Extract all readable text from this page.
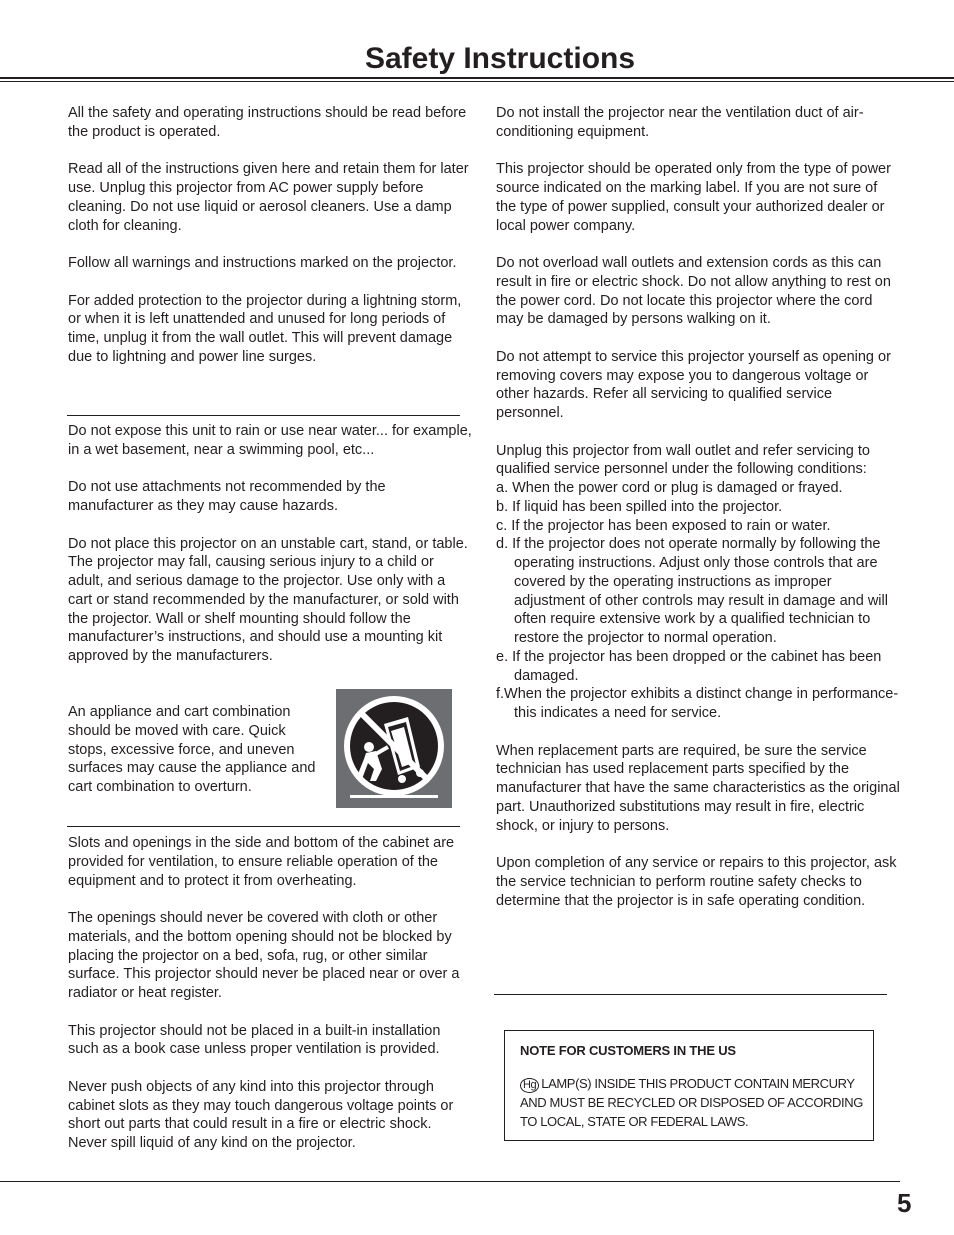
Safety Instructions

All the safety and operating instructions should be read before the product is operated.

Read all of the instructions given here and retain them for later use. Unplug this projector from AC power supply before cleaning. Do not use liquid or aerosol cleaners. Use a damp cloth for cleaning.

Follow all warnings and instructions marked on the projector.

For added protection to the projector during a lightning storm, or when it is left unattended and unused for long periods of time, unplug it from the wall outlet. This will prevent damage due to lightning and power line surges.

Do not expose this unit to rain or use near water... for example, in a wet basement, near a swimming pool, etc...

Do not use attachments not recommended by the manufacturer as they may cause hazards.

Do not place this projector on an unstable cart, stand, or table. The projector may fall, causing serious injury to a child or adult, and serious damage to the projector. Use only with a cart or stand recommended by the manufacturer, or sold with the projector. Wall or shelf mounting should follow the manufacturer’s instructions, and should use a mounting kit approved by the manufacturers.

An appliance and cart combination should be moved with care. Quick stops, excessive force, and uneven surfaces may cause the appliance and cart combination to overturn.

Slots and openings in the side and bottom of the cabinet are provided for ventilation, to ensure reliable operation of the equipment and to protect it from overheating.

The openings should never be covered with cloth or other materials, and the bottom opening should not be blocked by placing the projector on a bed, sofa, rug, or other similar surface. This projector should never be placed near or over a radiator or heat register.

This projector should not be placed in a built-in installation such as a book case unless proper ventilation is provided.

Never push objects of any kind into this projector through cabinet slots as they may touch dangerous voltage points or short out parts that could result in a fire or electric shock. Never spill liquid of any kind on the projector.

Do not install the projector near the ventilation duct of air-conditioning equipment.

This projector should be operated only from the type of power source indicated on the marking label. If you are not sure of the type of power supplied, consult your authorized dealer or local power company.

Do not overload wall outlets and extension cords as this can result in fire or electric shock. Do not allow anything to rest on the power cord. Do not locate this projector where the cord may be damaged by persons walking on it.

Do not attempt to service this projector yourself as opening or removing covers may expose you to dangerous voltage or other hazards. Refer all servicing to qualified service personnel.

Unplug this projector from wall outlet and refer servicing to qualified service personnel under the following conditions:

a. When the power cord or plug is damaged or frayed.

b. If liquid has been spilled into the projector.

c. If the projector has been exposed to rain or water.

d. If the projector does not operate normally by following the operating instructions. Adjust only those controls that are covered by the operating instructions as improper adjustment of other controls may result in damage and will often require extensive work by a qualified technician to restore the projector to normal operation.

e. If the projector has been dropped or the cabinet has been damaged.

f.When the projector exhibits a distinct change in performance-this indicates a need for service.

When replacement parts are required, be sure the service technician has used replacement parts specified by the manufacturer that have the same characteristics as the original part. Unauthorized substitutions may result in fire, electric shock, or injury to persons.

Upon completion of any service or repairs to this projector, ask the service technician to perform routine safety checks to determine that the projector is in safe operating condition.

NOTE FOR CUSTOMERS IN THE US
Hg LAMP(S) INSIDE THIS PRODUCT CONTAIN MERCURY AND MUST BE RECYCLED OR DISPOSED OF ACCORDING TO LOCAL, STATE OR FEDERAL LAWS.
5
